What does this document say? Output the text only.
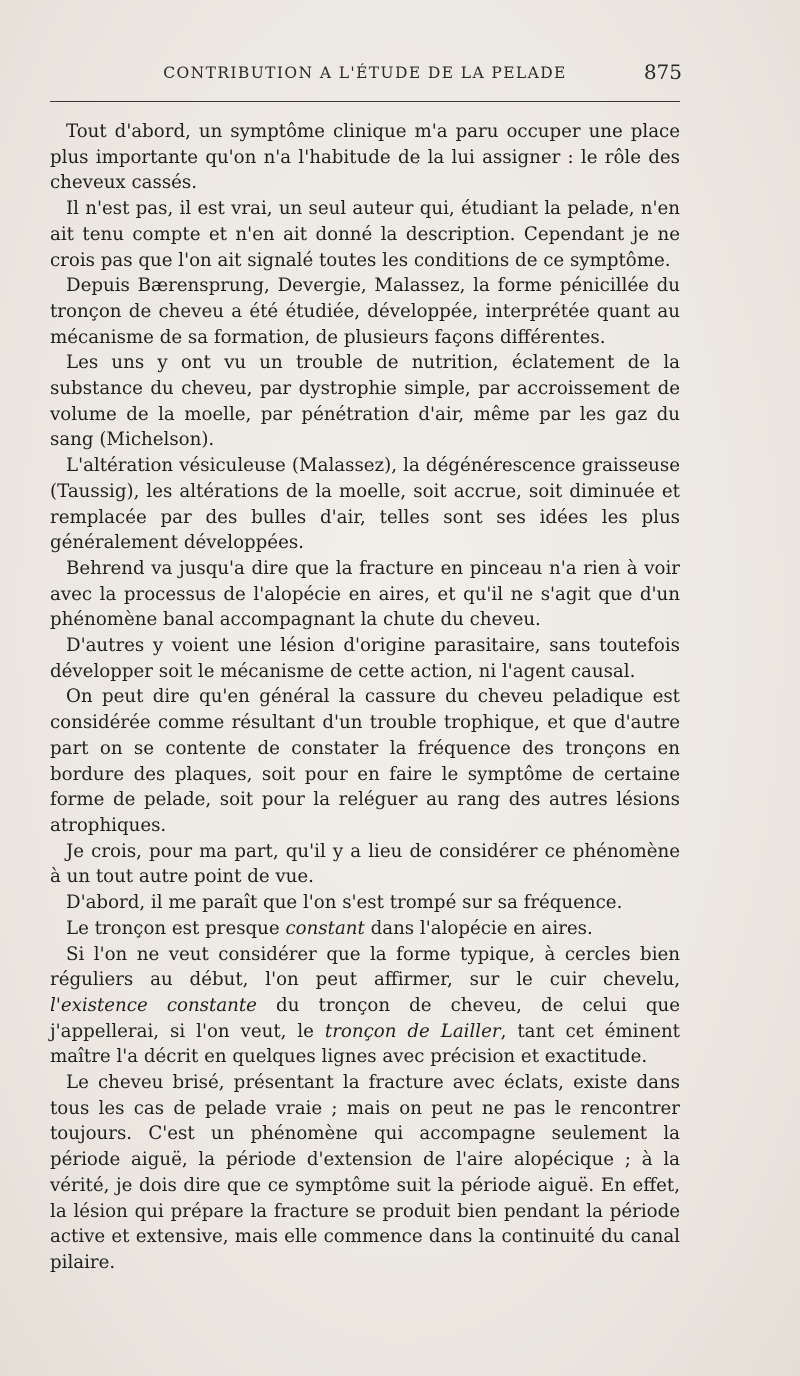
CONTRIBUTION A L'ÉTUDE DE LA PELADE	875

Tout d'abord, un symptôme clinique m'a paru occuper une place plus importante qu'on n'a l'habitude de la lui assigner : le rôle des cheveux cassés.

Il n'est pas, il est vrai, un seul auteur qui, étudiant la pelade, n'en ait tenu compte et n'en ait donné la description. Cependant je ne crois pas que l'on ait signalé toutes les conditions de ce symptôme.

Depuis Bærensprung, Devergie, Malassez, la forme pénicillée du tronçon de cheveu a été étudiée, développée, interprétée quant au mécanisme de sa formation, de plusieurs façons différentes.

Les uns y ont vu un trouble de nutrition, éclatement de la substance du cheveu, par dystrophie simple, par accroissement de volume de la moelle, par pénétration d'air, même par les gaz du sang (Michelson).

L'altération vésiculeuse (Malassez), la dégénérescence graisseuse (Taussig), les altérations de la moelle, soit accrue, soit diminuée et remplacée par des bulles d'air, telles sont ses idées les plus généralement développées.

Behrend va jusqu'a dire que la fracture en pinceau n'a rien à voir avec la processus de l'alopécie en aires, et qu'il ne s'agit que d'un phénomène banal accompagnant la chute du cheveu.

D'autres y voient une lésion d'origine parasitaire, sans toutefois développer soit le mécanisme de cette action, ni l'agent causal.

On peut dire qu'en général la cassure du cheveu peladique est considérée comme résultant d'un trouble trophique, et que d'autre part on se contente de constater la fréquence des tronçons en bordure des plaques, soit pour en faire le symptôme de certaine forme de pelade, soit pour la reléguer au rang des autres lésions atrophiques.

Je crois, pour ma part, qu'il y a lieu de considérer ce phénomène à un tout autre point de vue.

D'abord, il me paraît que l'on s'est trompé sur sa fréquence.

Le tronçon est presque constant dans l'alopécie en aires.

Si l'on ne veut considérer que la forme typique, à cercles bien réguliers au début, l'on peut affirmer, sur le cuir chevelu, l'existence constante du tronçon de cheveu, de celui que j'appellerai, si l'on veut, le tronçon de Lailler, tant cet éminent maître l'a décrit en quelques lignes avec précision et exactitude.

Le cheveu brisé, présentant la fracture avec éclats, existe dans tous les cas de pelade vraie ; mais on peut ne pas le rencontrer toujours. C'est un phénomène qui accompagne seulement la période aiguë, la période d'extension de l'aire alopécique ; à la vérité, je dois dire que ce symptôme suit la période aiguë. En effet, la lésion qui prépare la fracture se produit bien pendant la période active et extensive, mais elle commence dans la continuité du canal pilaire.
